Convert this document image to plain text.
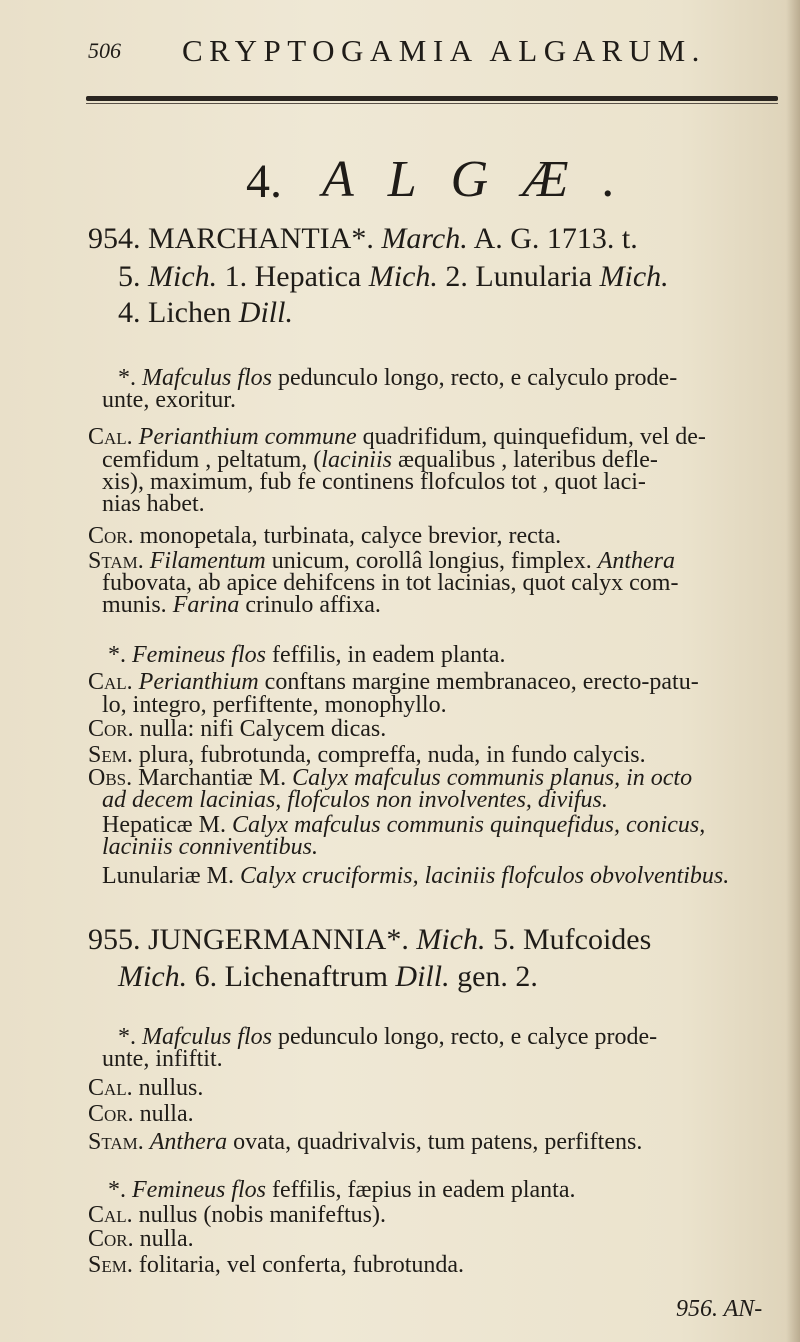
506 CRYPTOGAMIA ALGARUM.
4. ALGÆ.
954. MARCHANTIA*. March. A. G. 1713. t.
5. Mich. 1. Hepatica Mich. 2. Lunularia Mich.
4. Lichen Dill.
*. Mafculus flos pedunculo longo, recto, e calyculo prode-
unte, exoritur.
Cal. Perianthium commune quadrifidum, quinquefidum, vel de-
cemfidum , peltatum, (laciniis æqualibus , lateribus defle-
xis), maximum, fub fe continens flofculos tot , quot laci-
nias habet.
Cor. monopetala, turbinata, calyce brevior, recta.
Stam. Filamentum unicum, corollâ longius, fimplex. Anthera
fubovata, ab apice dehifcens in tot lacinias, quot calyx com-
munis. Farina crinulo affixa.
*. Femineus flos feffilis, in eadem planta.
Cal. Perianthium conftans margine membranaceo, erecto-patu-
lo, integro, perfiftente, monophyllo.
Cor. nulla: nifi Calycem dicas.
Sem. plura, fubrotunda, compreffa, nuda, in fundo calycis.
Obs. Marchantiæ M. Calyx mafculus communis planus, in octo
ad decem lacinias, flofculos non involventes, divifus.
Hepaticæ M. Calyx mafculus communis quinquefidus, conicus,
laciniis conniventibus.
Lunulariæ M. Calyx cruciformis, laciniis flofculos obvolventibus.
955. JUNGERMANNIA*. Mich. 5. Mufcoides
Mich. 6. Lichenaftrum Dill. gen. 2.
*. Mafculus flos pedunculo longo, recto, e calyce prode-
unte, infiftit.
Cal. nullus.
Cor. nulla.
Stam. Anthera ovata, quadrivalvis, tum patens, perfiftens.
*. Femineus flos feffilis, fæpius in eadem planta.
Cal. nullus (nobis manifeftus).
Cor. nulla.
Sem. folitaria, vel conferta, fubrotunda.
956. AN-
